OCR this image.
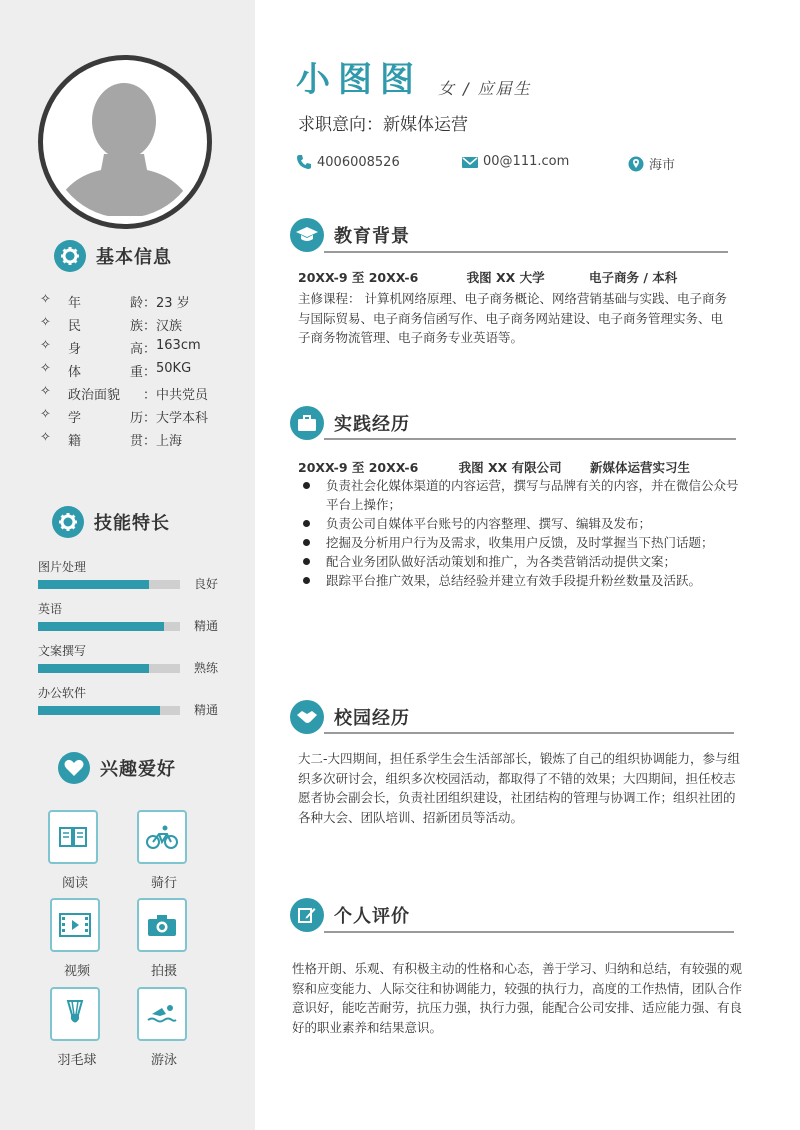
基本信息
✧	年	龄 ： 23 岁
✧	民	族 ： 汉族
✧	身	高 ： 163cm
✧	体	重 ： 50KG
✧	政治面貌 ： 中共党员
✧	学	历 ： 大学本科
✧	籍	贯 ： 上海
技能特长
图片处理
良好
英语
精通
文案撰写
熟练
办公软件
精通
兴趣爱好
阅读	骑行
视频	拍摄
羽毛球	游泳
小图图 女 / 应届生
求职意向：新媒体运营
4006008526	00@111.com	海市
教育背景
20XX-9 至 20XX-6	我图 XX 大学	电子商务 / 本科
主修课程： 计算机网络原理、电子商务概论、网络营销基础与实践、电子商务与国际贸易、电子商务信函写作、电子商务网站建设、电子商务管理实务、电子商务物流管理、电子商务专业英语等。
实践经历
20XX-9 至 20XX-6	我图 XX 有限公司 新媒体运营实习生
负责社会化媒体渠道的内容运营，撰写与品牌有关的内容，并在微信公众号平台上操作；
负责公司自媒体平台账号的内容整理、撰写、编辑及发布；
挖掘及分析用户行为及需求，收集用户反馈，及时掌握当下热门话题；
配合业务团队做好活动策划和推广，为各类营销活动提供文案；
跟踪平台推广效果，总结经验并建立有效手段提升粉丝数量及活跃。
校园经历
大二-大四期间，担任系学生会生活部部长，锻炼了自己的组织协调能力，参与组织多次研讨会，组织多次校园活动，都取得了不错的效果；大四期间，担任校志愿者协会副会长，负责社团组织建设，社团结构的管理与协调工作；组织社团的各种大会、团队培训、招新团员等活动。
个人评价
性格开朗、乐观、有积极主动的性格和心态，善于学习、归纳和总结，有较强的观察和应变能力、人际交往和协调能力，较强的执行力，高度的工作热情，团队合作意识好，能吃苦耐劳，抗压力强，执行力强，能配合公司安排、适应能力强、有良好的职业素养和结果意识。
